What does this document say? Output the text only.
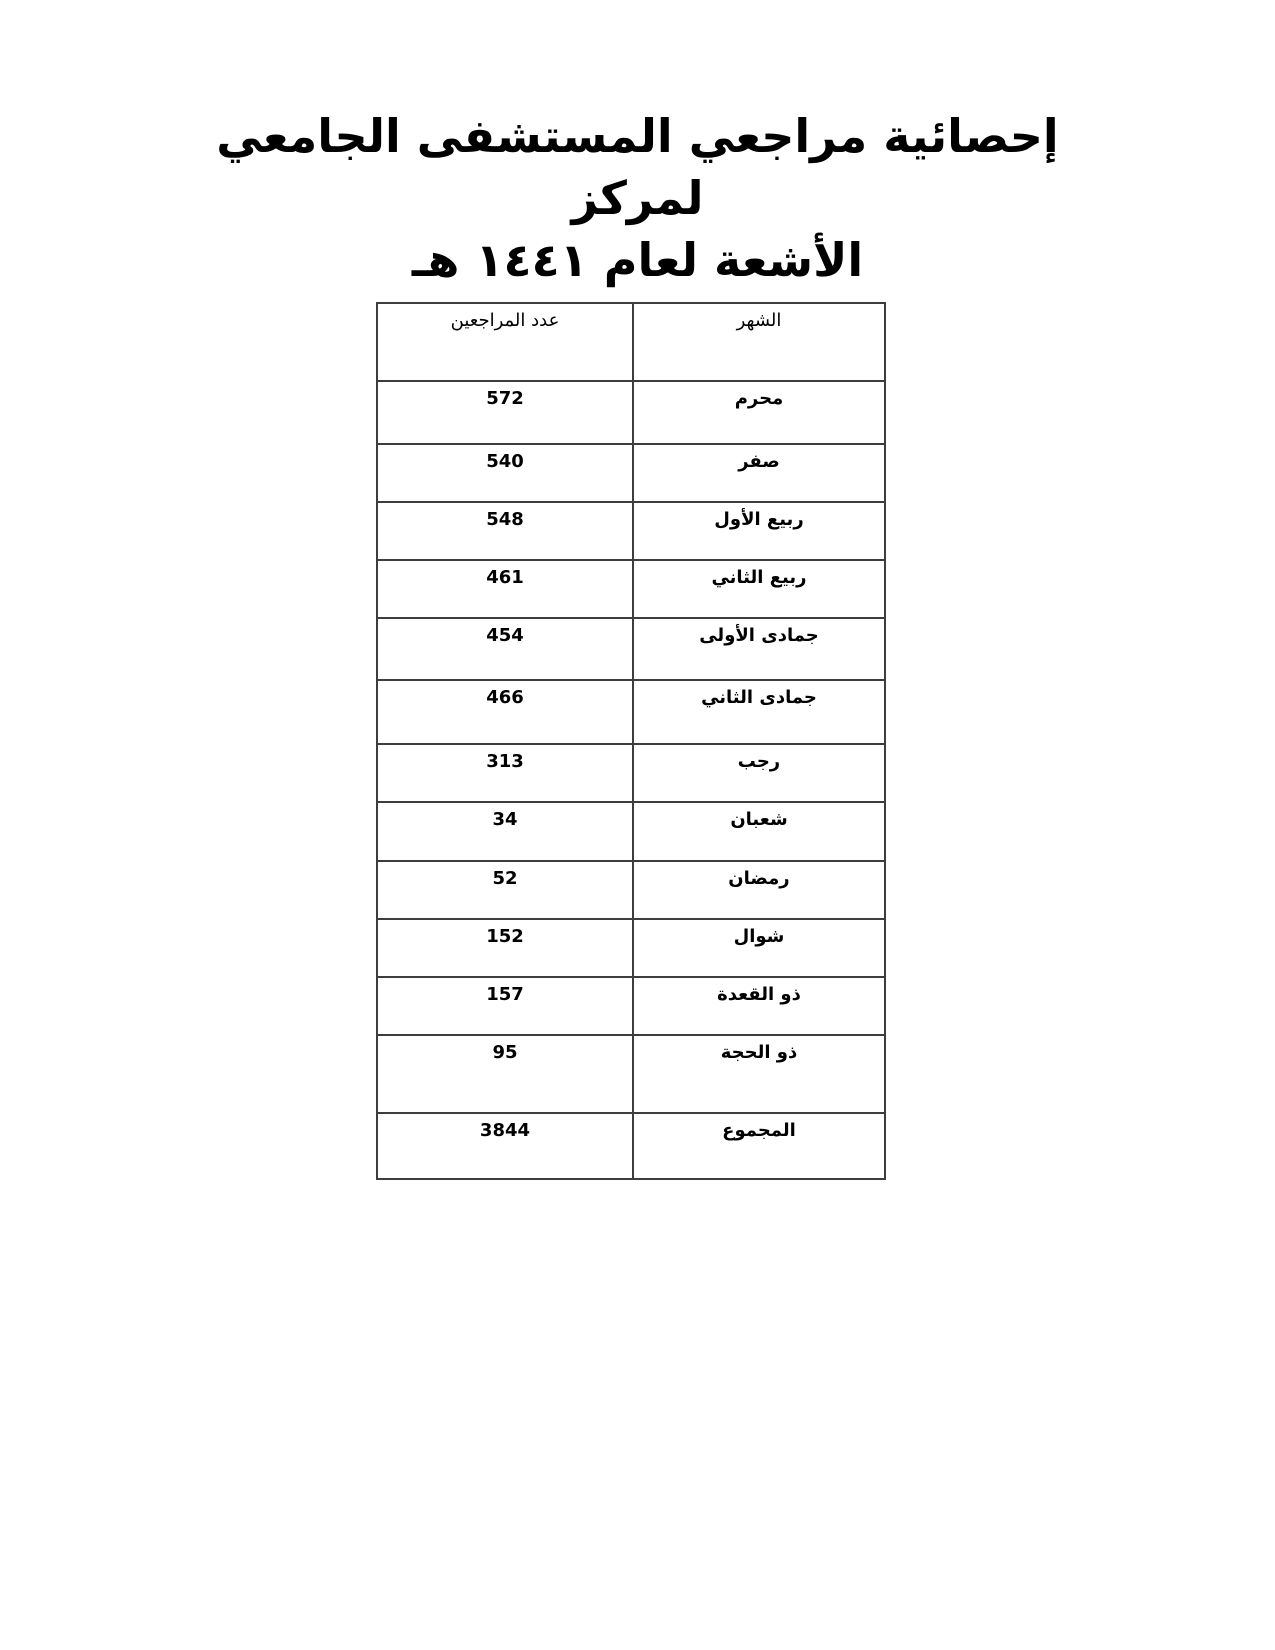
إحصائية مراجعي المستشفى الجامعي لمركز
الأشعة لعام ١٤٤١ هـ
عدد المراجعين	الشهر
572	محرم
540	صفر
548	ربيع الأول
461	ربيع الثاني
454	جمادى الأولى
466	جمادى الثاني
313	رجب
34	شعبان
52	رمضان
152	شوال
157	ذو القعدة
95	ذو الحجة
3844	المجموع
